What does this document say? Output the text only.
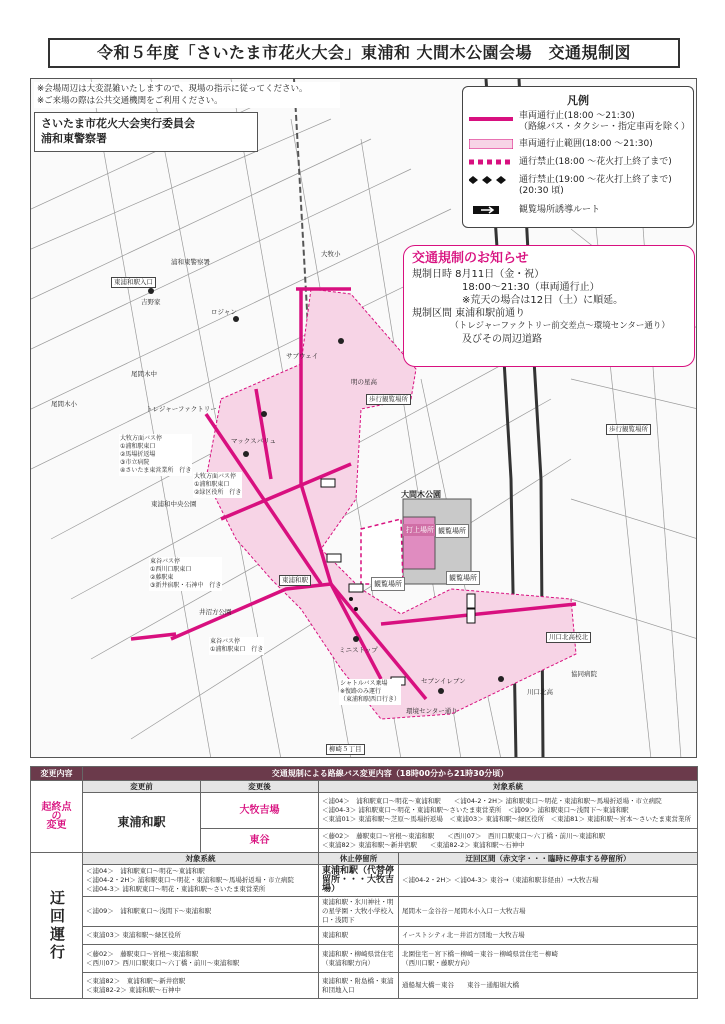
令和５年度「さいたま市花火大会」東浦和 大間木公園会場　交通規制図
東浦和駅入口
吉野家
ロジャン
尾間木中
尾間木小
大牧小
トレジャーファクトリー
マックスバリュ
サブウェイ
明の星高
浦和東警察署
ミニストップ
セブンイレブン
井沼方公園
川口北高
協同病院
環境センター通り
東浦和中央公園
大間木公園
東浦和駅
歩行観覧場所
歩行観覧場所
川口北高校北
柳崎５丁目
打上場所 観覧場所
観覧場所
観覧場所
大牧方面バス停
①浦和駅東口
②馬場折返場
③市立病院
④さいたま東営業所　行き
大牧方面バス停
①浦和駅東口
②緑区役所　行き
東谷バス停
①西川口駅東口
②藤駅東
③新井宿駅・石神中　行き
東谷バス停
①浦和駅東口　行き
シャトルバス乗場
※復路のみ運行
（東浦和駅西口行き）
※会場周辺は大変混雑いたしますので、現場の指示に従ってください。
※ご来場の際は公共交通機関をご利用ください。
さいたま市花火大会実行委員会
浦和東警察署
凡例
車両通行止(18:00 ～21:30)
（路線バス・タクシー・指定車両を除く）
車両通行止範囲(18:00 ～21:30)
通行禁止(18:00 ～花火打上終了まで)
通行禁止(19:00 ～花火打上終了まで)
(20:30 頃)
観覧場所誘導ルート
交通規制のお知らせ
規制日時 8月11日（金・祝）
　　　　　18:00～21:30（車両通行止）
　　　　　※荒天の場合は12日（土）に順延。
規制区間 東浦和駅前通り
　　　　　（トレジャーファクトリー前交差点～環境センター通り）
　　　　　及びその周辺道路
変更内容	交通規制による路線バス変更内容（18時00分から21時30分頃）			
起終点
の
変更	変更前	変更後	対象系統	
	東浦和駅	大牧吉場	＜浦04＞　浦和駅東口～明花～東浦和駅　　＜浦04-2・2H＞ 浦和駅東口～明花・東浦和駅～馬場折返場・市立病院
＜浦04-3＞ 浦和駅東口～明花・東浦和駅～さいたま東営業所　＜浦09＞ 浦和駅東口～浅間下～東浦和駅
＜東浦01＞ 東浦和駅～芝原～馬場折返場　＜東浦03＞ 東浦和駅～緑区役所　＜東浦81＞ 東浦和駅～宮本～さいたま東営業所	
		東谷	＜藤02＞　藤駅東口～宮根～東浦和駅　　＜西川07＞　西川口駅東口～六丁橋・前川～東浦和駅
＜東浦82＞ 東浦和駅～新井宿駅　　＜東浦82-2＞ 東浦和駅～石神中	
迂回運行	対象系統		休止停留所	迂回区間（赤文字・・・臨時に停車する停留所）
	＜浦04＞　浦和駅東口～明花～東浦和駅
＜浦04-2・2H＞ 浦和駅東口～明花・東浦和駅～馬場折返場・市立病院
＜浦04-3＞ 浦和駅東口～明花・東浦和駅～さいたま東営業所		東浦和駅（代替停留所・・・大牧吉場）	＜浦04-2・2H＞ ＜浦04-3＞ 東谷→（東浦和駅非経由）→大牧吉場
	＜浦09＞　浦和駅東口～浅間下～東浦和駅		東浦和駅・氷川神社・明の星学園・大牧小学校入口・浅間下	尾間木－金谷谷－尾間木小入口－大牧吉場
	＜東浦03＞ 東浦和駅～緑区役所		東浦和駅	イーストシティ北－井沼方団地－大牧吉場
	＜藤02＞　藤駅東口～宮根～東浦和駅
＜西川07＞ 西川口駅東口～六丁橋・前川～東浦和駅		東浦和駅・柳崎県営住宅（東浦和駅方向）	北園住宅－宮下橋－柳崎－東谷－柳崎県営住宅－柳崎
（西川口駅・藤駅方向）
	＜東浦82＞　東浦和駅～新井宿駅
＜東浦82-2＞ 東浦和駅～石神中		東浦和駅・附島橋・東浦和団地入口	通船堀大橋－東谷　　東谷－通船堀大橋
